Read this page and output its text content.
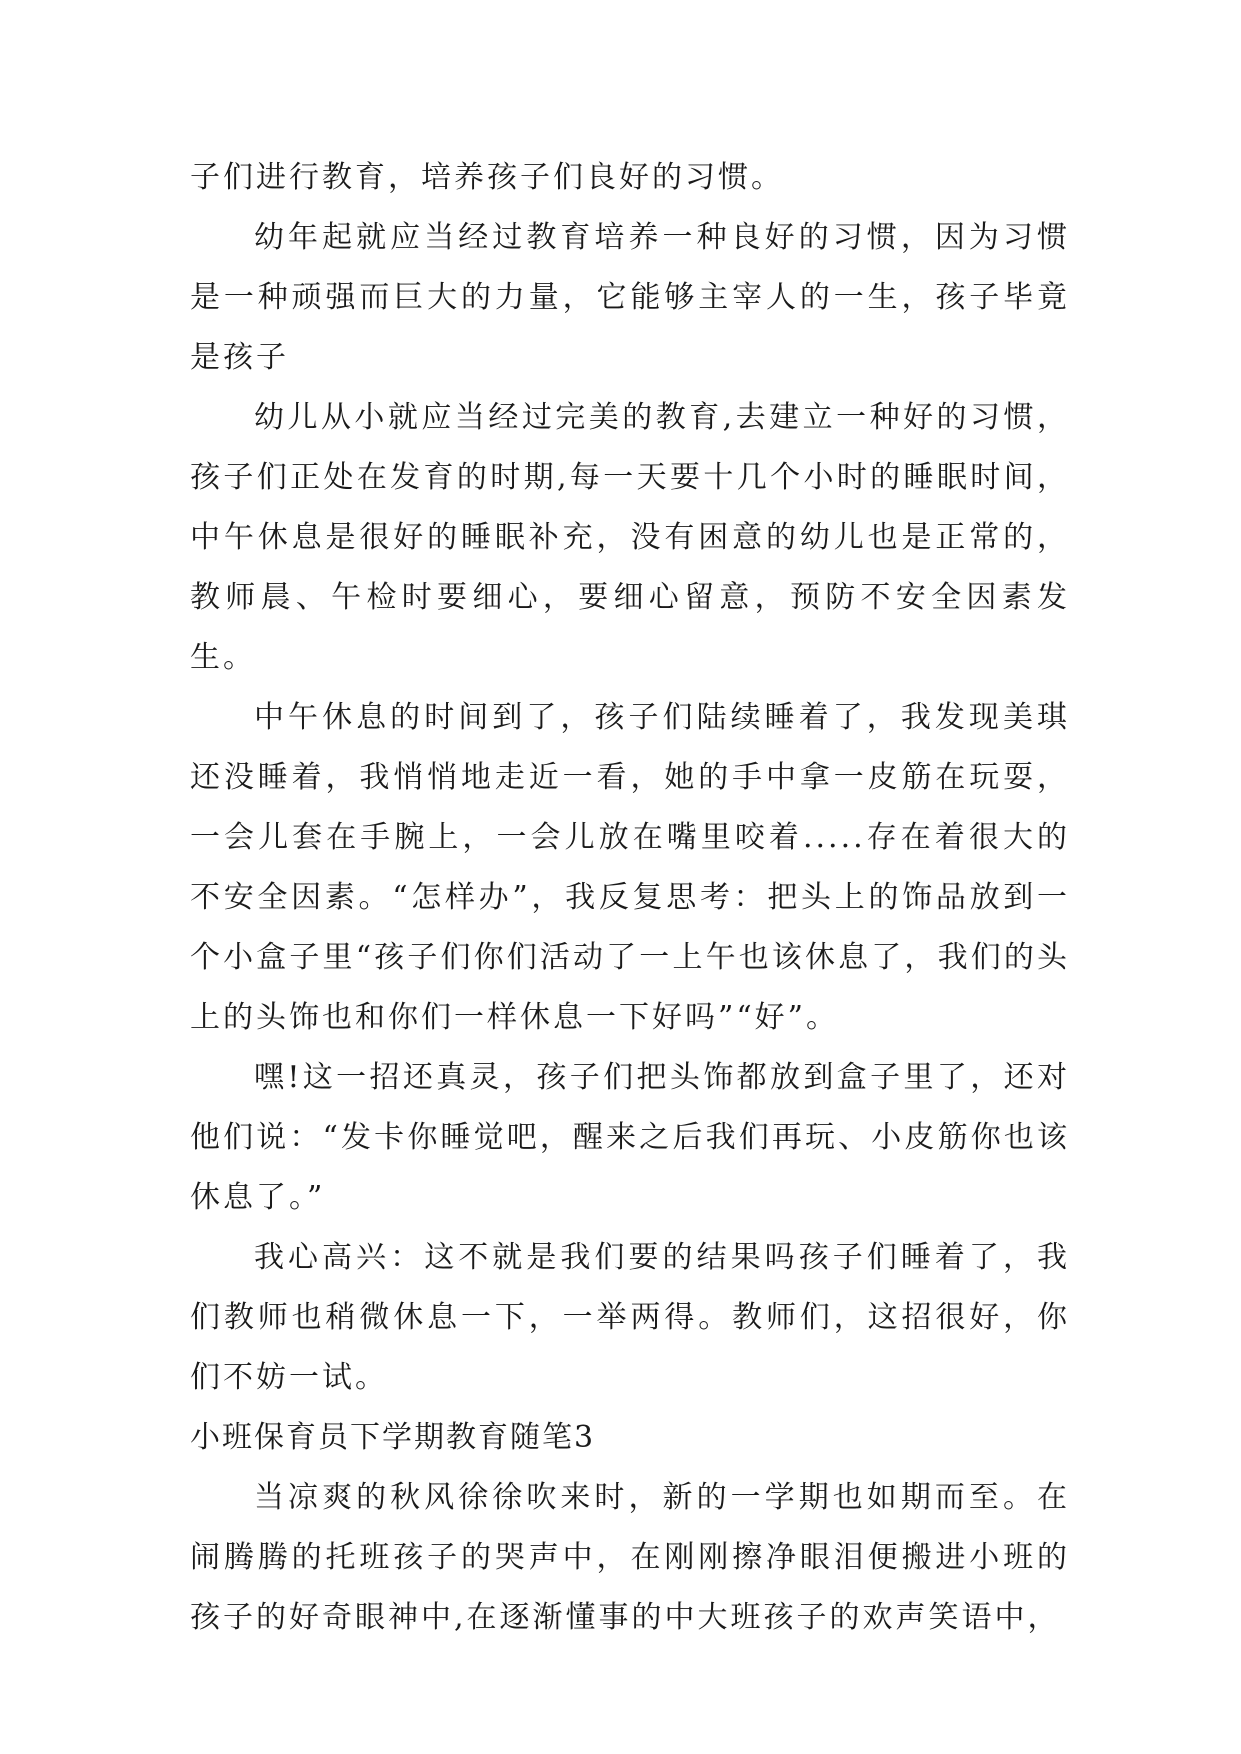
子们进行教育，培养孩子们良好的习惯。

幼年起就应当经过教育培养一种良好的习惯，因为习惯是一种顽强而巨大的力量，它能够主宰人的一生，孩子毕竟是孩子

幼儿从小就应当经过完美的教育,去建立一种好的习惯，孩子们正处在发育的时期,每一天要十几个小时的睡眠时间，中午休息是很好的睡眠补充，没有困意的幼儿也是正常的，教师晨、午检时要细心，要细心留意，预防不安全因素发生。

中午休息的时间到了，孩子们陆续睡着了，我发现美琪还没睡着，我悄悄地走近一看，她的手中拿一皮筋在玩耍，一会儿套在手腕上，一会儿放在嘴里咬着.....存在着很大的不安全因素。“怎样办”，我反复思考：把头上的饰品放到一个小盒子里“孩子们你们活动了一上午也该休息了，我们的头上的头饰也和你们一样休息一下好吗”“好”。

嘿!这一招还真灵，孩子们把头饰都放到盒子里了，还对他们说：“发卡你睡觉吧，醒来之后我们再玩、小皮筋你也该休息了。”

我心高兴：这不就是我们要的结果吗孩子们睡着了，我们教师也稍微休息一下，一举两得。教师们，这招很好，你们不妨一试。

小班保育员下学期教育随笔3

当凉爽的秋风徐徐吹来时，新的一学期也如期而至。在闹腾腾的托班孩子的哭声中，在刚刚擦净眼泪便搬进小班的孩子的好奇眼神中,在逐渐懂事的中大班孩子的欢声笑语中，
